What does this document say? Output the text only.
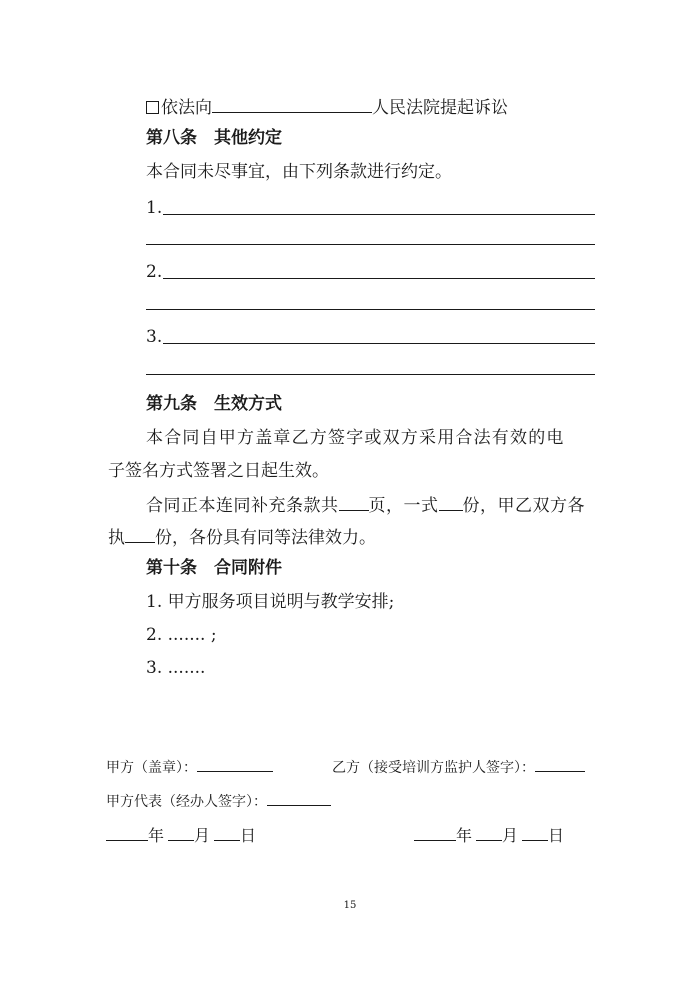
依法向	人民法院提起诉讼
第八条　其他约定
本合同未尽事宜，由下列条款进行约定。
1.
2.
3.
第九条　生效方式
本合同自甲方盖章乙方签字或双方采用合法有效的电
子签名方式签署之日起生效。
合同正本连同补充条款共 页，一式 份，甲乙双方各
执 份，各份具有同等法律效力。
第十条　合同附件
1. 甲方服务项目说明与教学安排;
2. ....... ;
3. .......
甲方（盖章）：	乙方（接受培训方监护人签字）：
甲方代表（经办人签字）：
年 月 日	年 月 日
15
